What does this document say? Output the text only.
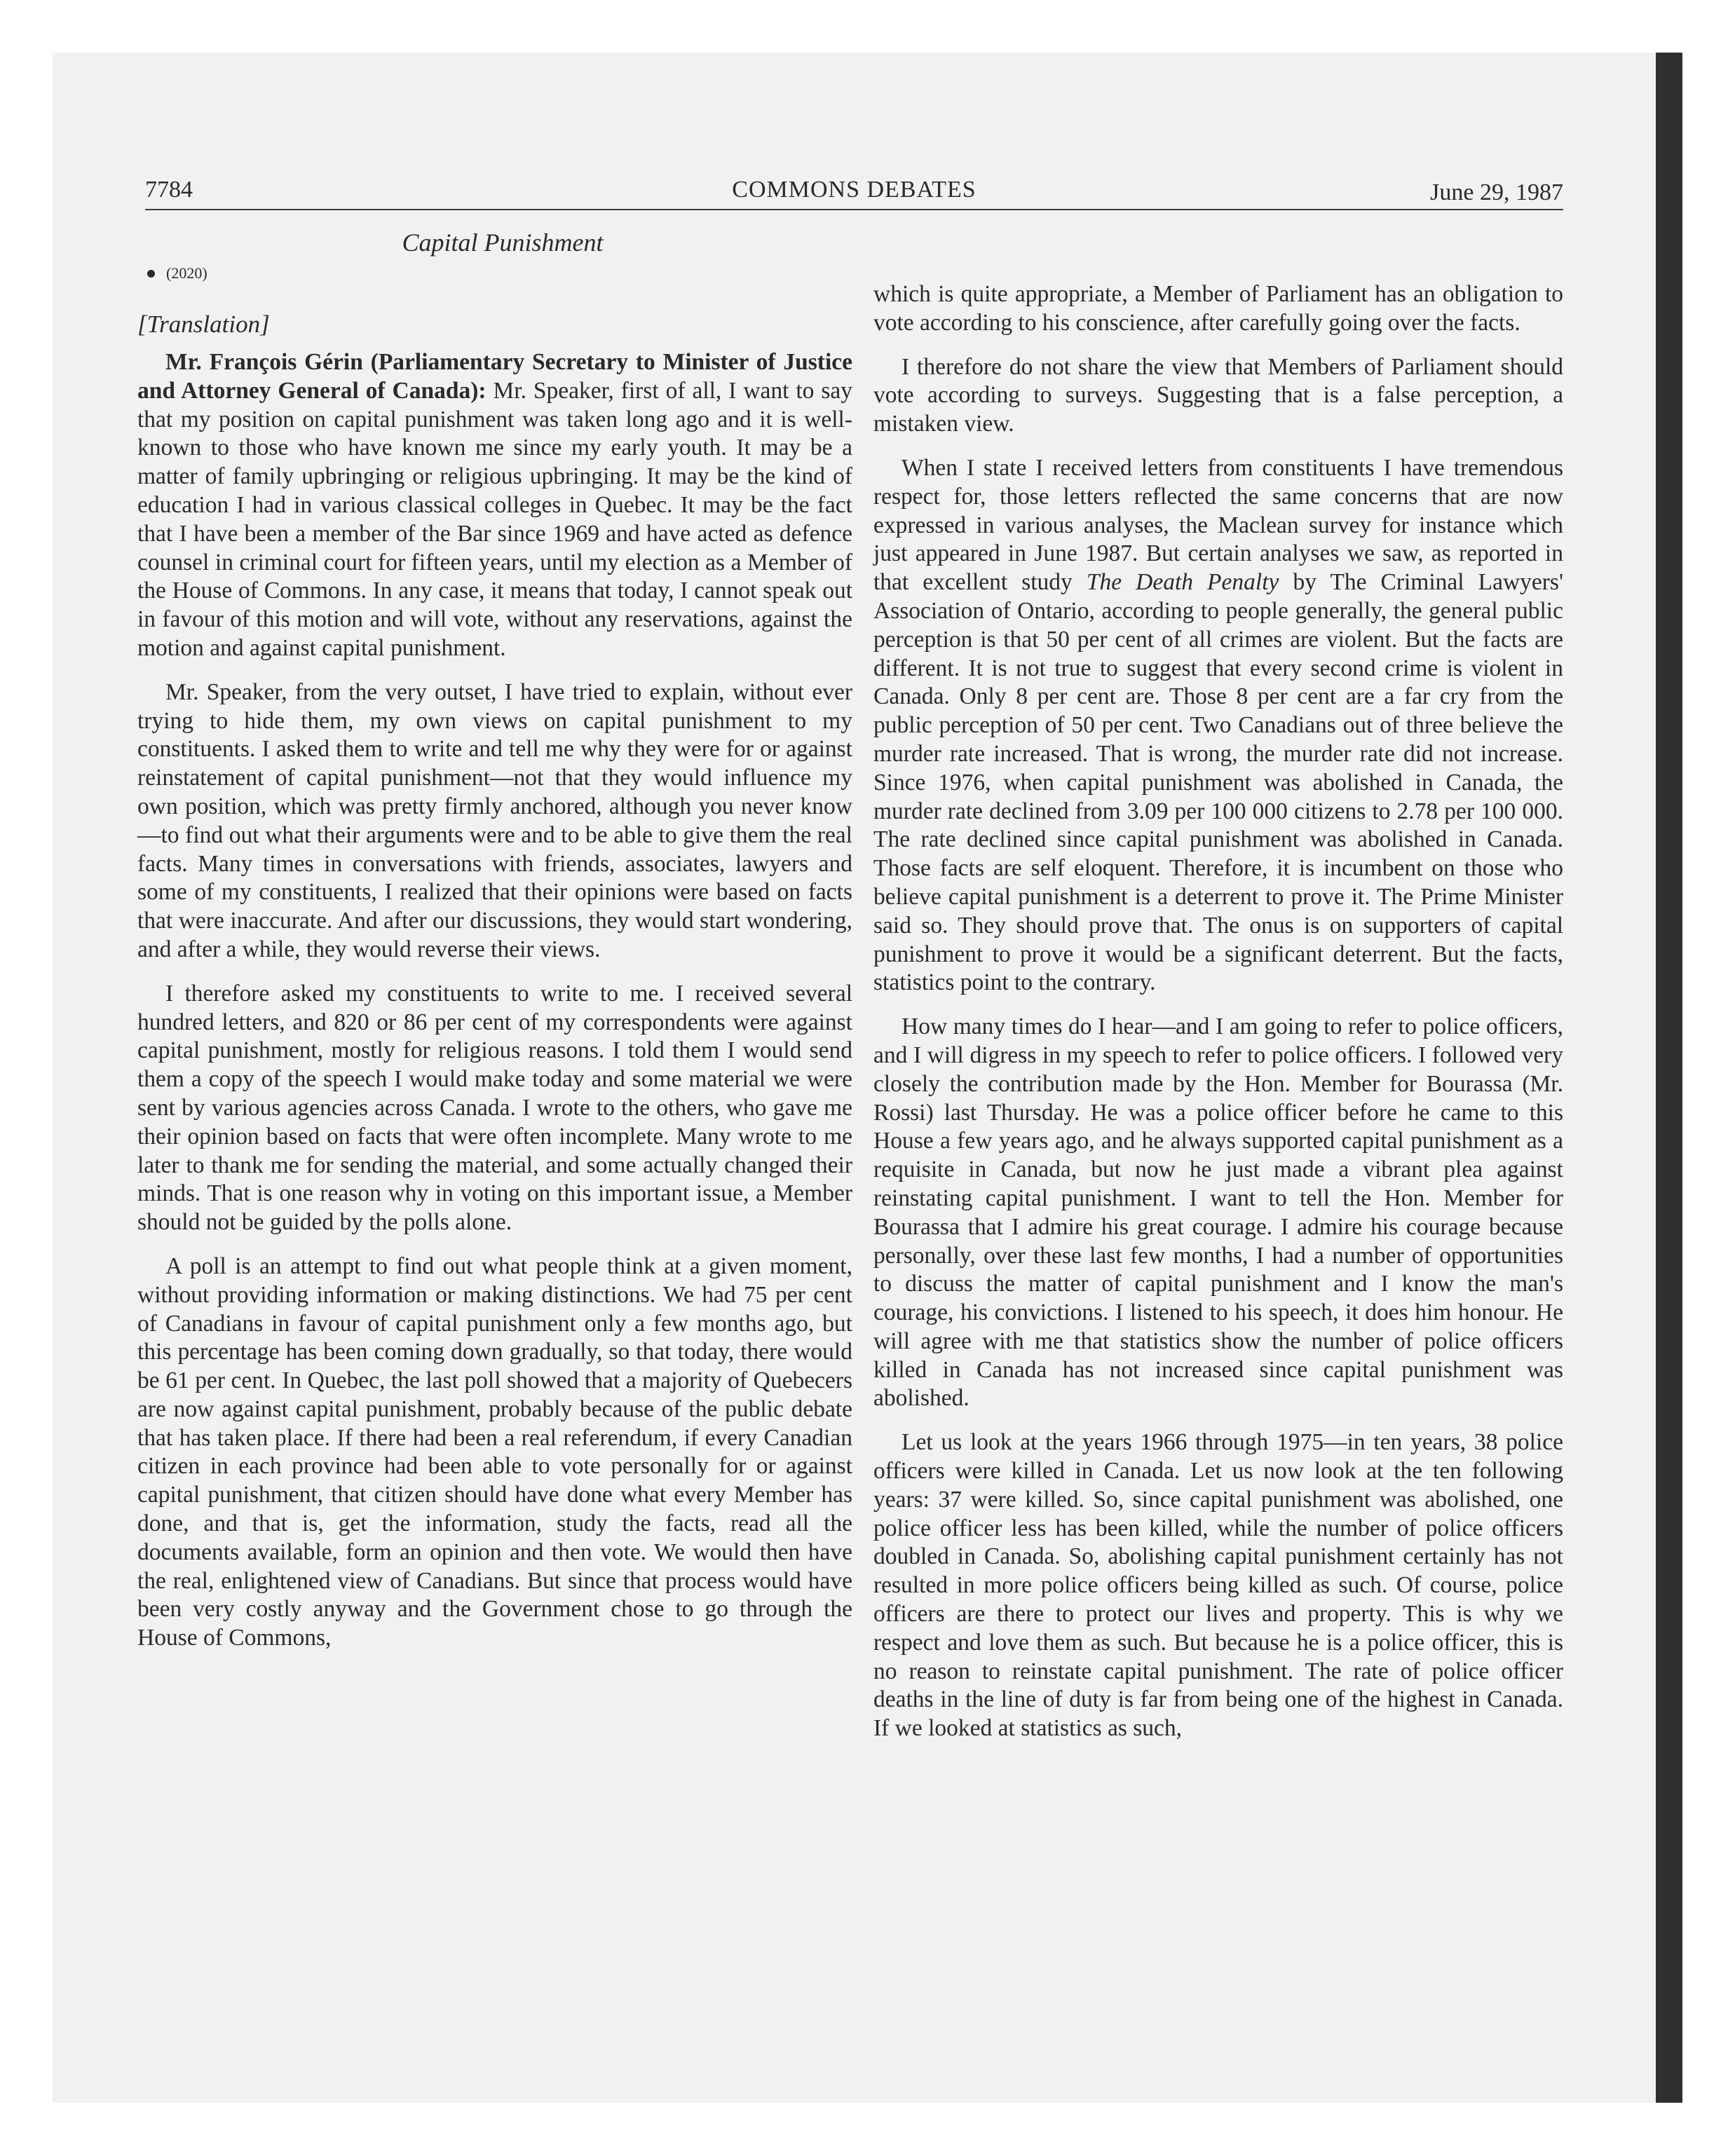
7784	COMMONS DEBATES	June 29, 1987
Capital Punishment
(2020)
[Translation]

Mr. François Gérin (Parliamentary Secretary to Minister of Justice and Attorney General of Canada): Mr. Speaker, first of all, I want to say that my position on capital punishment was taken long ago and it is well-known to those who have known me since my early youth. It may be a matter of family upbringing or religious upbringing. It may be the kind of education I had in various classical colleges in Quebec. It may be the fact that I have been a member of the Bar since 1969 and have acted as defence counsel in criminal court for fifteen years, until my election as a Member of the House of Commons. In any case, it means that today, I cannot speak out in favour of this motion and will vote, without any reservations, against the motion and against capital punishment.

Mr. Speaker, from the very outset, I have tried to explain, without ever trying to hide them, my own views on capital punishment to my constituents. I asked them to write and tell me why they were for or against reinstatement of capital punishment—not that they would influence my own position, which was pretty firmly anchored, although you never know—to find out what their arguments were and to be able to give them the real facts. Many times in conversations with friends, associates, lawyers and some of my constituents, I realized that their opinions were based on facts that were inaccurate. And after our discussions, they would start wondering, and after a while, they would reverse their views.

I therefore asked my constituents to write to me. I received several hundred letters, and 820 or 86 per cent of my correspondents were against capital punishment, mostly for religious reasons. I told them I would send them a copy of the speech I would make today and some material we were sent by various agencies across Canada. I wrote to the others, who gave me their opinion based on facts that were often incomplete. Many wrote to me later to thank me for sending the material, and some actually changed their minds. That is one reason why in voting on this important issue, a Member should not be guided by the polls alone.

A poll is an attempt to find out what people think at a given moment, without providing information or making distinctions. We had 75 per cent of Canadians in favour of capital punishment only a few months ago, but this percentage has been coming down gradually, so that today, there would be 61 per cent. In Quebec, the last poll showed that a majority of Quebecers are now against capital punishment, probably because of the public debate that has taken place. If there had been a real referendum, if every Canadian citizen in each province had been able to vote personally for or against capital punishment, that citizen should have done what every Member has done, and that is, get the information, study the facts, read all the documents available, form an opinion and then vote. We would then have the real, enlightened view of Canadians. But since that process would have been very costly anyway and the Government chose to go through the House of Commons,

which is quite appropriate, a Member of Parliament has an obligation to vote according to his conscience, after carefully going over the facts.

I therefore do not share the view that Members of Parliament should vote according to surveys. Suggesting that is a false perception, a mistaken view.

When I state I received letters from constituents I have tremendous respect for, those letters reflected the same concerns that are now expressed in various analyses, the Maclean survey for instance which just appeared in June 1987. But certain analyses we saw, as reported in that excellent study The Death Penalty by The Criminal Lawyers' Association of Ontario, according to people generally, the general public perception is that 50 per cent of all crimes are violent. But the facts are different. It is not true to suggest that every second crime is violent in Canada. Only 8 per cent are. Those 8 per cent are a far cry from the public perception of 50 per cent. Two Canadians out of three believe the murder rate increased. That is wrong, the murder rate did not increase. Since 1976, when capital punishment was abolished in Canada, the murder rate declined from 3.09 per 100 000 citizens to 2.78 per 100 000. The rate declined since capital punishment was abolished in Canada. Those facts are self eloquent. Therefore, it is incumbent on those who believe capital punishment is a deterrent to prove it. The Prime Minister said so. They should prove that. The onus is on supporters of capital punishment to prove it would be a significant deterrent. But the facts, statistics point to the contrary.

How many times do I hear—and I am going to refer to police officers, and I will digress in my speech to refer to police officers. I followed very closely the contribution made by the Hon. Member for Bourassa (Mr. Rossi) last Thursday. He was a police officer before he came to this House a few years ago, and he always supported capital punishment as a requisite in Canada, but now he just made a vibrant plea against reinstating capital punishment. I want to tell the Hon. Member for Bourassa that I admire his great courage. I admire his courage because personally, over these last few months, I had a number of opportunities to discuss the matter of capital punishment and I know the man's courage, his convictions. I listened to his speech, it does him honour. He will agree with me that statistics show the number of police officers killed in Canada has not increased since capital punishment was abolished.

Let us look at the years 1966 through 1975—in ten years, 38 police officers were killed in Canada. Let us now look at the ten following years: 37 were killed. So, since capital punishment was abolished, one police officer less has been killed, while the number of police officers doubled in Canada. So, abolishing capital punishment certainly has not resulted in more police officers being killed as such. Of course, police officers are there to protect our lives and property. This is why we respect and love them as such. But because he is a police officer, this is no reason to reinstate capital punishment. The rate of police officer deaths in the line of duty is far from being one of the highest in Canada. If we looked at statistics as such,
